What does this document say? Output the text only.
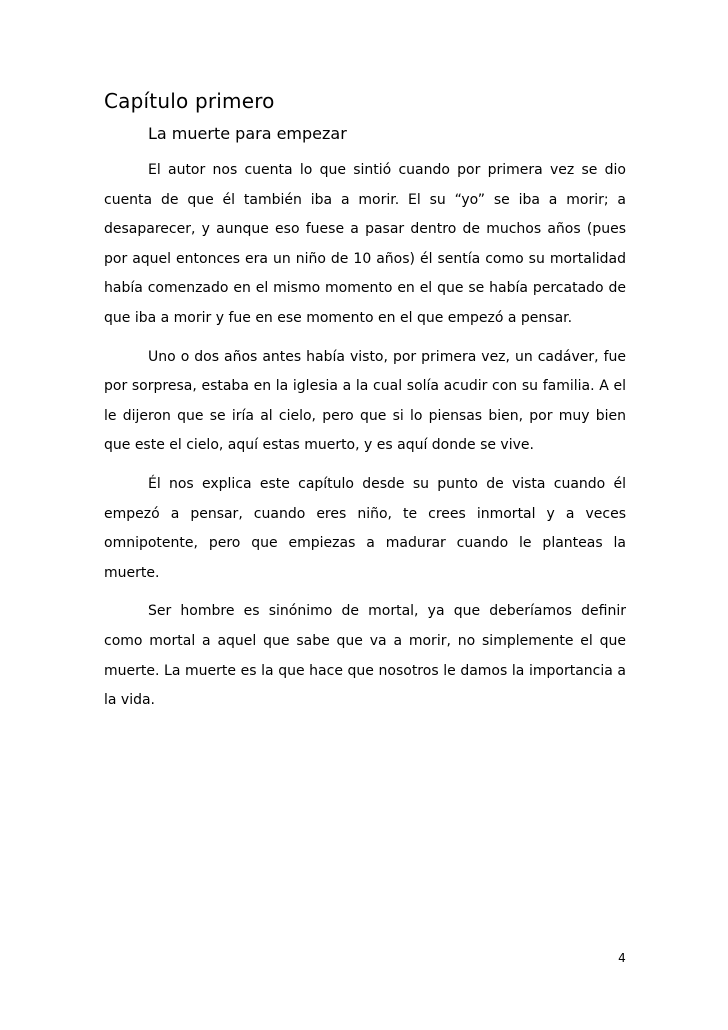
Capítulo primero
La muerte para empezar

El autor nos cuenta lo que sintió cuando por primera vez se dio cuenta de que él también iba a morir. El su “yo” se iba a morir; a desaparecer, y aunque eso fuese a pasar dentro de muchos años (pues por aquel entonces era un niño de 10 años) él sentía como su mortalidad había comenzado en el mismo momento en el que se había percatado de que iba a morir y fue en ese momento en el que empezó a pensar.

Uno o dos años antes había visto, por primera vez, un cadáver, fue por sorpresa, estaba en la iglesia a la cual solía acudir con su familia. A el le dijeron que se iría al cielo, pero que si lo piensas bien, por muy bien que este el cielo, aquí estas muerto, y es aquí donde se vive.

Él nos explica este capítulo desde su punto de vista cuando él empezó a pensar, cuando eres niño, te crees inmortal y a veces omnipotente, pero que empiezas a madurar cuando le planteas la muerte.

Ser hombre es sinónimo de mortal, ya que deberíamos definir como mortal a aquel que sabe que va a morir, no simplemente el que muerte. La muerte es la que hace que nosotros le damos la importancia a la vida.

4
